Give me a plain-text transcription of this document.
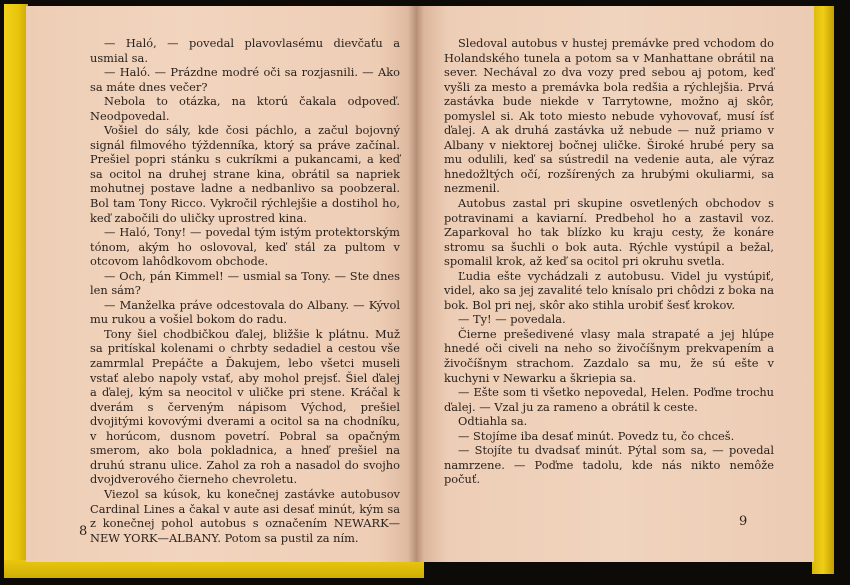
— Haló, — povedal plavovlasému dievčaťu a usmial sa.

— Haló. — Prázdne modré oči sa rozjasnili. — Ako sa máte dnes večer?

Nebola to otázka, na ktorú čakala odpoveď. Neodpovedal.

Vošiel do sály, kde čosi páchlo, a začul bojovný signál filmového týždenníka, ktorý sa práve začínal. Prešiel popri stánku s cukríkmi a pukancami, a keď sa ocitol na druhej strane kina, obrátil sa napriek mohutnej postave ladne a nedbanlivo sa poobzeral. Bol tam Tony Ricco. Vykročil rýchlejšie a dostihol ho, keď zabočili do uličky uprostred kina.

— Haló, Tony! — povedal tým istým protektorským tónom, akým ho oslovoval, keď stál za pultom v otcovom lahôdkovom obchode.

— Och, pán Kimmel! — usmial sa Tony. — Ste dnes len sám?

— Manželka práve odcestovala do Albany. — Kývol mu rukou a vošiel bokom do radu.

Tony šiel chodbičkou ďalej, bližšie k plátnu. Muž sa pritískal kolenami o chrbty sedadiel a cestou vše zamrmlal Prepáčte a Ďakujem, lebo všetci museli vstať alebo napoly vstať, aby mohol prejsť. Šiel ďalej a ďalej, kým sa neocitol v uličke pri stene. Kráčal k dverám s červeným nápisom Východ, prešiel dvojitými kovovými dverami a ocitol sa na chodníku, v horúcom, dusnom povetrí. Pobral sa opačným smerom, ako bola pokladnica, a hneď prešiel na druhú stranu ulice. Zahol za roh a nasadol do svojho dvojdverového čierneho chevroletu.

Viezol sa kúsok, ku konečnej zastávke autobusov Cardinal Lines a čakal v aute asi desať minút, kým sa z konečnej pohol autobus s označením NEWARK—NEW YORK—ALBANY. Potom sa pustil za ním.

8

Sledoval autobus v hustej premávke pred vchodom do Holandského tunela a potom sa v Manhattane obrátil na sever. Nechával zo dva vozy pred sebou aj potom, keď vyšli za mesto a premávka bola redšia a rýchlejšia. Prvá zastávka bude niekde v Tarrytowne, možno aj skôr, pomyslel si. Ak toto miesto nebude vyhovovať, musí ísť ďalej. A ak druhá zastávka už nebude — nuž priamo v Albany v niektorej bočnej uličke. Široké hrubé pery sa mu odulili, keď sa sústredil na vedenie auta, ale výraz hnedožltých očí, rozšírených za hrubými okuliarmi, sa nezmenil.

Autobus zastal pri skupine osvetlených obchodov s potravinami a kaviarní. Predbehol ho a zastavil voz. Zaparkoval ho tak blízko ku kraju cesty, že konáre stromu sa šuchli o bok auta. Rýchle vystúpil a bežal, spomalil krok, až keď sa ocitol pri okruhu svetla.

Ľudia ešte vychádzali z autobusu. Videl ju vystúpiť, videl, ako sa jej zavalité telo knísalo pri chôdzi z boka na bok. Bol pri nej, skôr ako stihla urobiť šesť krokov.

— Ty! — povedala.

Čierne prešedivené vlasy mala strapaté a jej hlúpe hnedé oči civeli na neho so živočíšnym prekvapením a živočíšnym strachom. Zazdalo sa mu, že sú ešte v kuchyni v Newarku a škriepia sa.

— Ešte som ti všetko nepovedal, Helen. Poďme trochu ďalej. — Vzal ju za rameno a obrátil k ceste.

Odtiahla sa.

— Stojíme iba desať minút. Povedz tu, čo chceš.

— Stojíte tu dvadsať minút. Pýtal som sa, — povedal namrzene. — Poďme tadolu, kde nás nikto nemôže počuť.

9
